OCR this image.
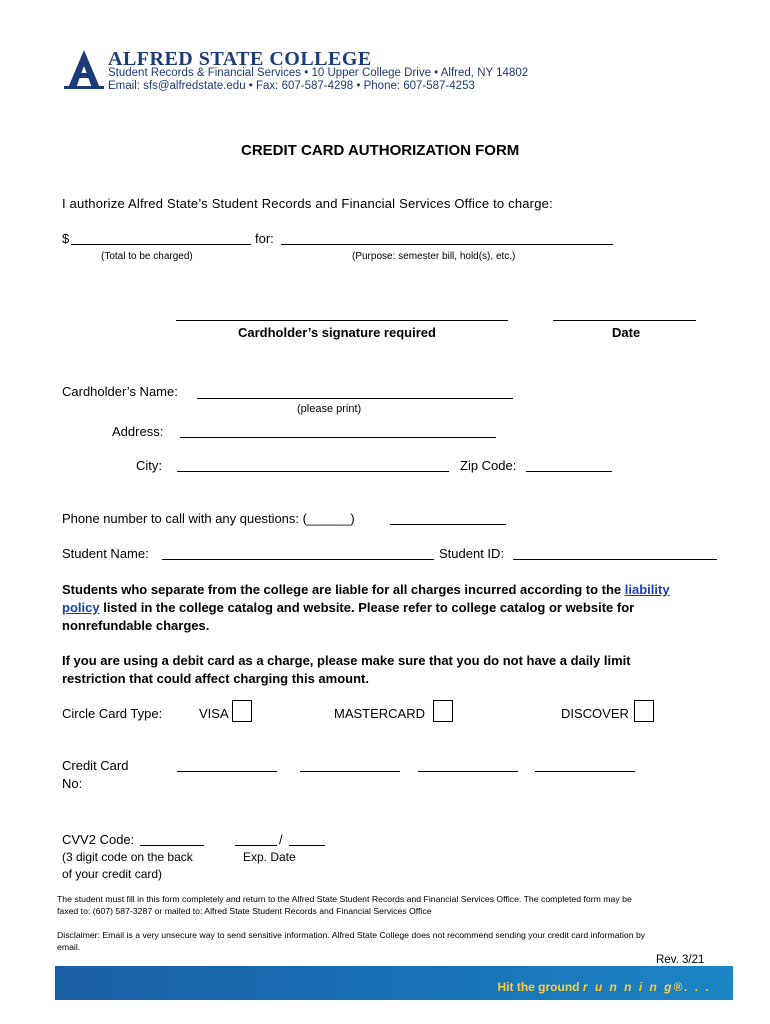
ALFRED STATE COLLEGE
Student Records & Financial Services • 10 Upper College Drive • Alfred, NY 14802
Email: sfs@alfredstate.edu • Fax: 607-587-4298 • Phone: 607-587-4253
CREDIT CARD AUTHORIZATION FORM
I authorize Alfred State’s Student Records and Financial Services Office to charge:
$	for:
(Total to be charged)	(Purpose: semester bill, hold(s), etc.)
Cardholder’s signature required	Date
Cardholder’s Name:
(please print)
Address:
City:	Zip Code:
Phone number to call with any questions: (______)
Student Name:	Student ID:
Students who separate from the college are liable for all charges incurred according to the liability
policy listed in the college catalog and website. Please refer to college catalog or website for
nonrefundable charges.
If you are using a debit card as a charge, please make sure that you do not have a daily limit
restriction that could affect charging this amount.
Circle Card Type:	VISA	MASTERCARD	DISCOVER
Credit Card
No:
CVV2 Code:	/
(3 digit code on the back
of your credit card)
Exp. Date
The student must fill in this form completely and return to the Alfred State Student Records and Financial Services Office. The completed form may be
faxed to: (607) 587-3287 or mailed to: Alfred State Student Records and Financial Services Office
Disclaimer: Email is a very unsecure way to send sensitive information. Alfred State College does not recommend sending your credit card information by
email.
Rev. 3/21
Hit the ground r u n n i n g®. . .
